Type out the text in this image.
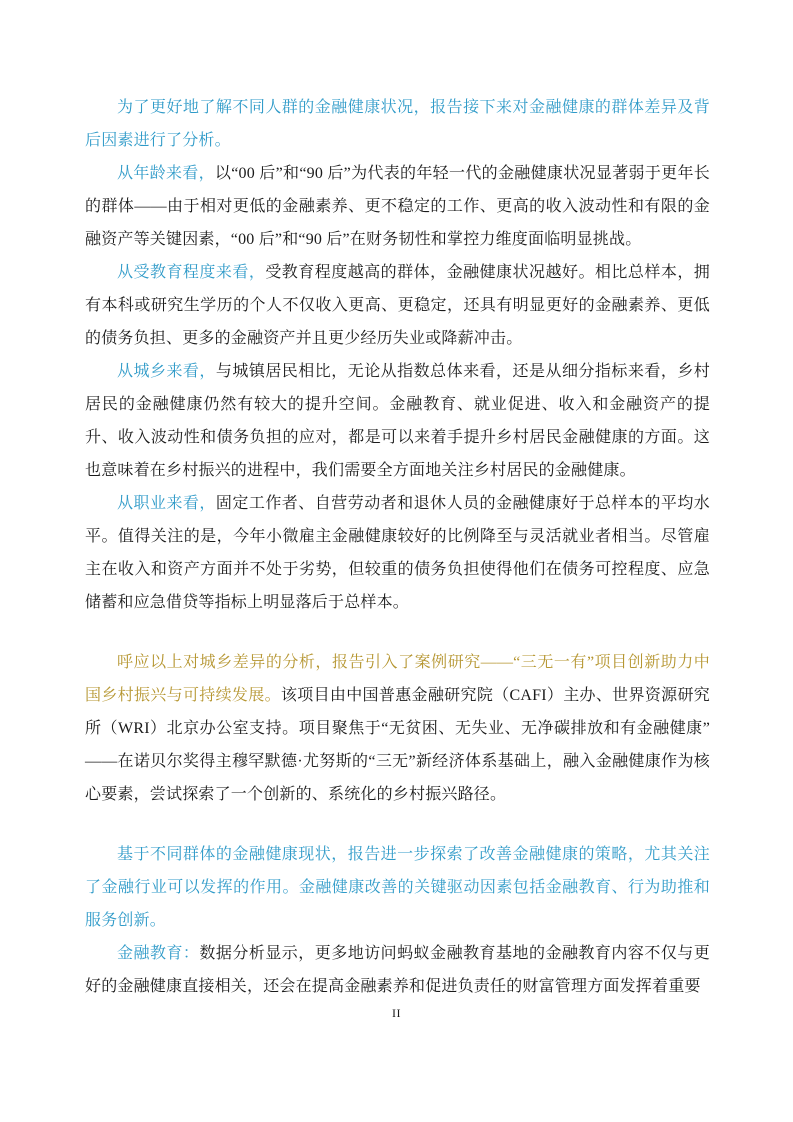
为了更好地了解不同人群的金融健康状况，报告接下来对金融健康的群体差异及背后因素进行了分析。

从年龄来看，以“00 后”和“90 后”为代表的年轻一代的金融健康状况显著弱于更年长的群体——由于相对更低的金融素养、更不稳定的工作、更高的收入波动性和有限的金融资产等关键因素，“00 后”和“90 后”在财务韧性和掌控力维度面临明显挑战。

从受教育程度来看，受教育程度越高的群体，金融健康状况越好。相比总样本，拥有本科或研究生学历的个人不仅收入更高、更稳定，还具有明显更好的金融素养、更低的债务负担、更多的金融资产并且更少经历失业或降薪冲击。

从城乡来看，与城镇居民相比，无论从指数总体来看，还是从细分指标来看，乡村居民的金融健康仍然有较大的提升空间。金融教育、就业促进、收入和金融资产的提升、收入波动性和债务负担的应对，都是可以来着手提升乡村居民金融健康的方面。这也意味着在乡村振兴的进程中，我们需要全方面地关注乡村居民的金融健康。

从职业来看，固定工作者、自营劳动者和退休人员的金融健康好于总样本的平均水平。值得关注的是，今年小微雇主金融健康较好的比例降至与灵活就业者相当。尽管雇主在收入和资产方面并不处于劣势，但较重的债务负担使得他们在债务可控程度、应急储蓄和应急借贷等指标上明显落后于总样本。

呼应以上对城乡差异的分析，报告引入了案例研究——“三无一有”项目创新助力中国乡村振兴与可持续发展。该项目由中国普惠金融研究院（CAFI）主办、世界资源研究所（WRI）北京办公室支持。项目聚焦于“无贫困、无失业、无净碳排放和有金融健康”——在诺贝尔奖得主穆罕默德·尤努斯的“三无”新经济体系基础上，融入金融健康作为核心要素，尝试探索了一个创新的、系统化的乡村振兴路径。

基于不同群体的金融健康现状，报告进一步探索了改善金融健康的策略，尤其关注了金融行业可以发挥的作用。金融健康改善的关键驱动因素包括金融教育、行为助推和服务创新。

金融教育：数据分析显示，更多地访问蚂蚁金融教育基地的金融教育内容不仅与更好的金融健康直接相关，还会在提高金融素养和促进负责任的财富管理方面发挥着重要

II
